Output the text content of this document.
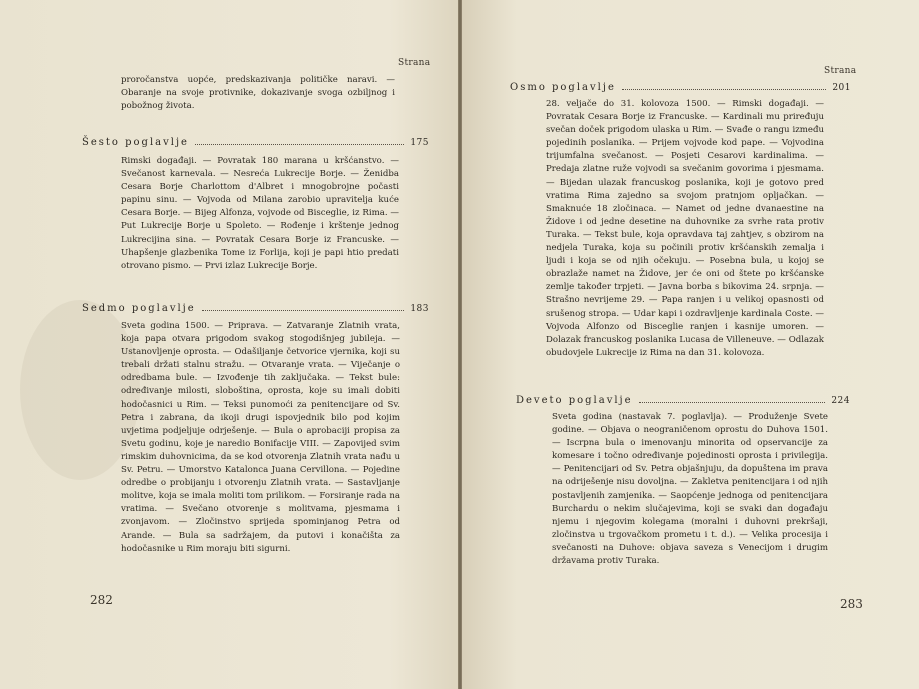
Strana

proročanstva uopće, predskazivanja političke naravi. — Obaranje na svoje protivnike, dokazivanje svoga ozbiljnog i pobožnog života.

Šesto poglavlje	175

Rimski događaji. — Povratak 180 marana u kršćanstvo. — Svečanost karnevala. — Nesreća Lukrecije Borje. — Ženidba Cesara Borje Charlottom d'Albret i mnogobrojne počasti papinu sinu. — Vojvoda od Milana zarobio upravitelja kuće Cesara Borje. — Bijeg Alfonza, vojvode od Bisceglie, iz Rima. — Put Lukrecije Borje u Spoleto. — Rođenje i krštenje jednog Lukrecijina sina. — Povratak Cesara Borje iz Francuske. — Uhapšenje glazbenika Tome iz Forlija, koji je papi htio predati otrovano pismo. — Prvi izlaz Lukrecije Borje.

Sedmo poglavlje	183

Sveta godina 1500. — Priprava. — Zatvaranje Zlatnih vrata, koja papa otvara prigodom svakog stogodišnjeg jubileja. — Ustanovljenje oprosta. — Odašiljanje četvorice vjernika, koji su trebali držati stalnu stražu. — Otvaranje vrata. — Viječanje o odredbama bule. — Izvođenje tih zaključaka. — Tekst bule: određivanje milosti, sloboština, oprosta, koje su imali dobiti hodočasnici u Rim. — Teksi punomoći za penitencijare od Sv. Petra i zabrana, da ikoji drugi ispovjednik bilo pod kojim uvjetima podjeljuje odrješenje. — Bula o aprobaciji propisa za Svetu godinu, koje je naredio Bonifacije VIII. — Zapovijed svim rimskim duhovnicima, da se kod otvorenja Zlatnih vrata nađu u Sv. Petru. — Umorstvo Katalonca Juana Cervillona. — Pojedine odredbe o probijanju i otvorenju Zlatnih vrata. — Sastavljanje molitve, koja se imala moliti tom prilikom. — Forsiranje rada na vratima. — Svečano otvorenje s molitvama, pjesmama i zvonjavom. — Zločinstvo sprijeda spominjanog Petra od Arande. — Bula sa sadržajem, da putovi i konačišta za hodočasnike u Rim moraju biti sigurni.

282
Strana
Osmo poglavlje	201

28. veljače do 31. kolovoza 1500. — Rimski događaji. — Povratak Cesara Borje iz Francuske. — Kardinali mu priređuju svečan doček prigodom ulaska u Rim. — Svađe o rangu između pojedinih poslanika. — Prijem vojvode kod pape. — Vojvodina trijumfalna svečanost. — Posjeti Cesarovi kardinalima. — Predaja zlatne ruže vojvodi sa svečanim govorima i pjesmama. — Bijedan ulazak francuskog poslanika, koji je gotovo pred vratima Rima zajedno sa svojom pratnjom opljačkan. — Smaknuće 18 zločinaca. — Namet od jedne dvanaestine na Židove i od jedne desetine na duhovnike za svrhe rata protiv Turaka. — Tekst bule, koja opravdava taj zahtjev, s obzirom na nedjela Turaka, koja su počinili protiv kršćanskih zemalja i ljudi i koja se od njih očekuju. — Posebna bula, u kojoj se obrazlaže namet na Židove, jer će oni od štete po kršćanske zemlje također trpjeti. — Javna borba s bikovima 24. srpnja. — Strašno nevrijeme 29. — Papa ranjen i u velikoj opasnosti od srušenog stropa. — Udar kapi i ozdravljenje kardinala Coste. — Vojvoda Alfonzo od Bisceglie ranjen i kasnije umoren. — Dolazak francuskog poslanika Lucasa de Villeneuve. — Odlazak obudovjele Lukrecije iz Rima na dan 31. kolovoza.

Deveto poglavlje	224

Sveta godina (nastavak 7. poglavlja). — Produženje Svete godine. — Objava o neograničenom oprostu do Duhova 1501. — Iscrpna bula o imenovanju minorita od opservancije za komesare i točno određivanje pojedinosti oprosta i privilegija. — Penitencijari od Sv. Petra objašnjuju, da dopuštena im prava na odriješenje nisu dovoljna. — Zakletva penitencijara i od njih postavljenih zamjenika. — Saopćenje jednoga od penitencijara Burchardu o nekim slučajevima, koji se svaki dan događaju njemu i njegovim kolegama (moralni i duhovni prekršaji, zločinstva u trgovačkom prometu i t. d.). — Velika procesija i svečanosti na Duhove: objava saveza s Venecijom i drugim državama protiv Turaka.

283
